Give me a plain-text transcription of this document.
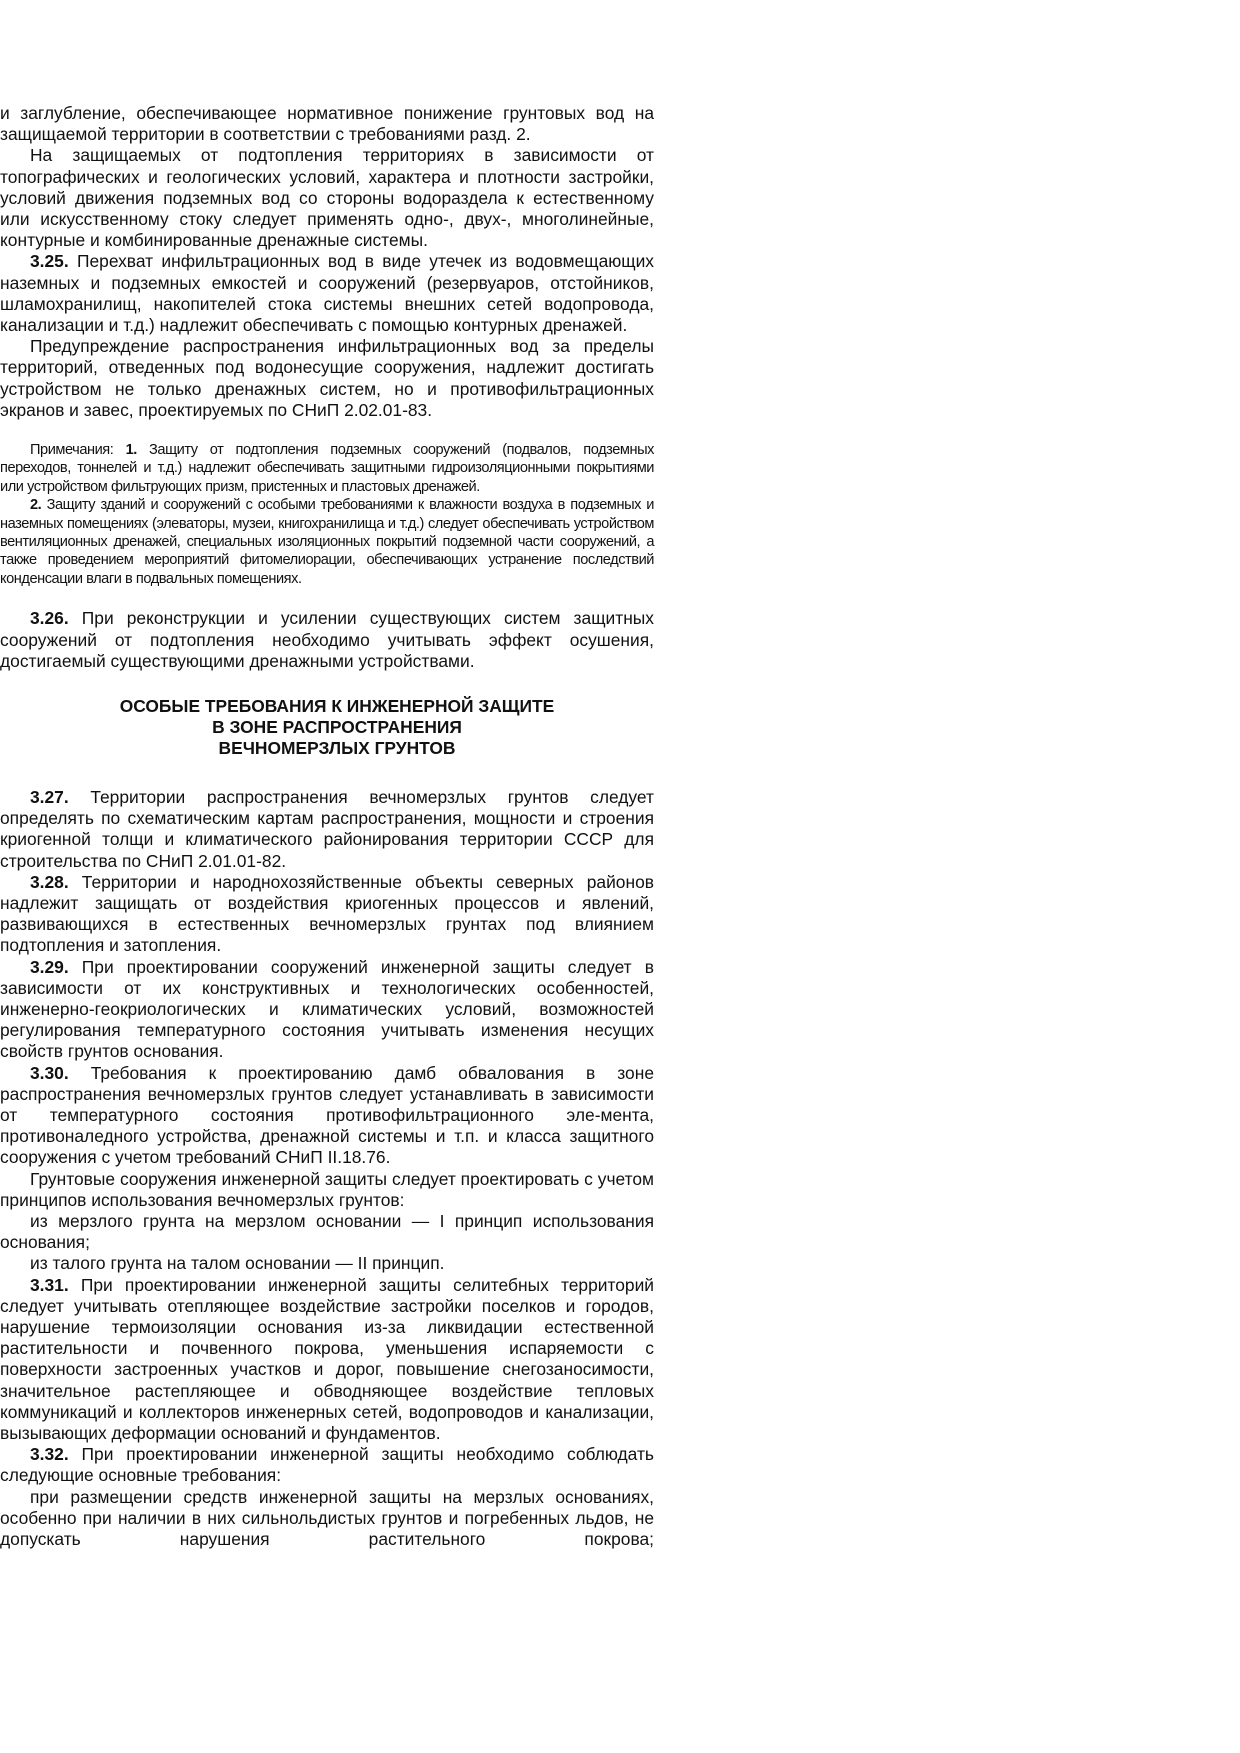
и заглубление, обеспечивающее нормативное понижение грунтовых вод на защищаемой территории в соответствии с требованиями разд. 2.

На защищаемых от подтопления территориях в зависимости от топографических и геологических условий, характера и плотности застройки, условий движения подземных вод со стороны водораздела к естественному или искусственному стоку следует применять одно-, двух-, многолинейные, контурные и комбинированные дренажные системы.

3.25. Перехват инфильтрационных вод в виде утечек из водовмещающих наземных и подземных емкостей и сооружений (резервуаров, отстойников, шламохранилищ, накопителей стока системы внешних сетей водопровода, канализации и т.д.) надлежит обеспечивать с помощью контурных дренажей.

Предупреждение распространения инфильтрационных вод за пределы территорий, отведенных под водонесущие сооружения, надлежит достигать устройством не только дренажных систем, но и противофильтрационных экранов и завес, проектируемых по СНиП 2.02.01-83.

Примечания: 1. Защиту от подтопления подземных сооружений (подвалов, подземных переходов, тоннелей и т.д.) надлежит обеспечивать защитными гидроизоляционными покрытиями или устройством фильтрующих призм, пристенных и пластовых дренажей.

2. Защиту зданий и сооружений с особыми требованиями к влажности воздуха в подземных и наземных помещениях (элеваторы, музеи, книгохранилища и т.д.) следует обеспечивать устройством вентиляционных дренажей, специальных изоляционных покрытий подземной части сооружений, а также проведением мероприятий фитомелиорации, обеспечивающих устранение последствий конденсации влаги в подвальных помещениях.

3.26. При реконструкции и усилении существующих систем защитных сооружений от подтопления необходимо учитывать эффект осушения, достигаемый существующими дренажными устройствами.

ОСОБЫЕ ТРЕБОВАНИЯ К ИНЖЕНЕРНОЙ ЗАЩИТЕ
В ЗОНЕ РАСПРОСТРАНЕНИЯ
ВЕЧНОМЕРЗЛЫХ ГРУНТОВ

3.27. Территории распространения вечномерзлых грунтов следует определять по схематическим картам распространения, мощности и строения криогенной толщи и климатического районирования территории СССР для строительства по СНиП 2.01.01-82.

3.28. Территории и народнохозяйственные объекты северных районов надлежит защищать от воздействия криогенных процессов и явлений, развивающихся в естественных вечномерзлых грунтах под влиянием подтопления и затопления.

3.29. При проектировании сооружений инженерной защиты следует в зависимости от их конструктивных и технологических особенностей, инженерно-геокриологических и климатических условий, возможностей регулирования температурного состояния учитывать изменения несущих свойств грунтов основания.

3.30. Требования к проектированию дамб обвалования в зоне распространения вечномерзлых грунтов следует устанавливать в зависимости от температурного состояния противофильтрационного эле-мента, противоналедного устройства, дренажной системы и т.п. и класса защитного сооружения с учетом требований СНиП II.18.76.

Грунтовые сооружения инженерной защиты следует проектировать с учетом принципов использования вечномерзлых грунтов:

из мерзлого грунта на мерзлом основании — I принцип использования основания;

из талого грунта на талом основании — II принцип.

3.31. При проектировании инженерной защиты селитебных территорий следует учитывать отепляющее воздействие застройки поселков и городов, нарушение термоизоляции основания из-за ликвидации естественной растительности и почвенного покрова, уменьшения испаряемости с поверхности застроенных участков и дорог, повышение снегозаносимости, значительное растепляющее и обводняющее воздействие тепловых коммуникаций и коллекторов инженерных сетей, водопроводов и канализации, вызывающих деформации оснований и фундаментов.

3.32. При проектировании инженерной защиты необходимо соблюдать следующие основные требования:

при размещении средств инженерной защиты на мерзлых основаниях, особенно при наличии в них сильнольдистых грунтов и погребенных льдов, не допускать нарушения растительного покрова;
